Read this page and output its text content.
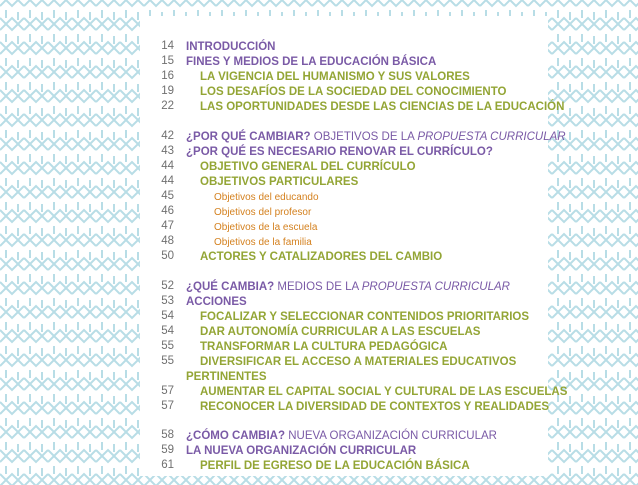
14 INTRODUCCIÓN
15 FINES Y MEDIOS DE LA EDUCACIÓN BÁSICA
16 LA VIGENCIA DEL HUMANISMO Y SUS VALORES
19 LOS DESAFÍOS DE LA SOCIEDAD DEL CONOCIMIENTO
22 LAS OPORTUNIDADES DESDE LAS CIENCIAS DE LA EDUCACIÓN
42 ¿POR QUÉ CAMBIAR? OBJETIVOS DE LA PROPUESTA CURRICULAR
43 ¿POR QUÉ ES NECESARIO RENOVAR EL CURRÍCULO?
44 OBJETIVO GENERAL DEL CURRÍCULO
44 OBJETIVOS PARTICULARES
45	Objetivos del educando
46	Objetivos del profesor
47	Objetivos de la escuela
48	Objetivos de la familia
50 ACTORES Y CATALIZADORES DEL CAMBIO
52 ¿QUÉ CAMBIA? MEDIOS DE LA PROPUESTA CURRICULAR
53 ACCIONES
54 FOCALIZAR Y SELECCIONAR CONTENIDOS PRIORITARIOS
54 DAR AUTONOMÍA CURRICULAR A LAS ESCUELAS
55 TRANSFORMAR LA CULTURA PEDAGÓGICA
55 DIVERSIFICAR EL ACCESO A MATERIALES EDUCATIVOS
PERTINENTES
57 AUMENTAR EL CAPITAL SOCIAL Y CULTURAL DE LAS ESCUELAS
57 RECONOCER LA DIVERSIDAD DE CONTEXTOS Y REALIDADES
58 ¿CÓMO CAMBIA? NUEVA ORGANIZACIÓN CURRICULAR
59 LA NUEVA ORGANIZACIÓN CURRICULAR
61 PERFIL DE EGRESO DE LA EDUCACIÓN BÁSICA
